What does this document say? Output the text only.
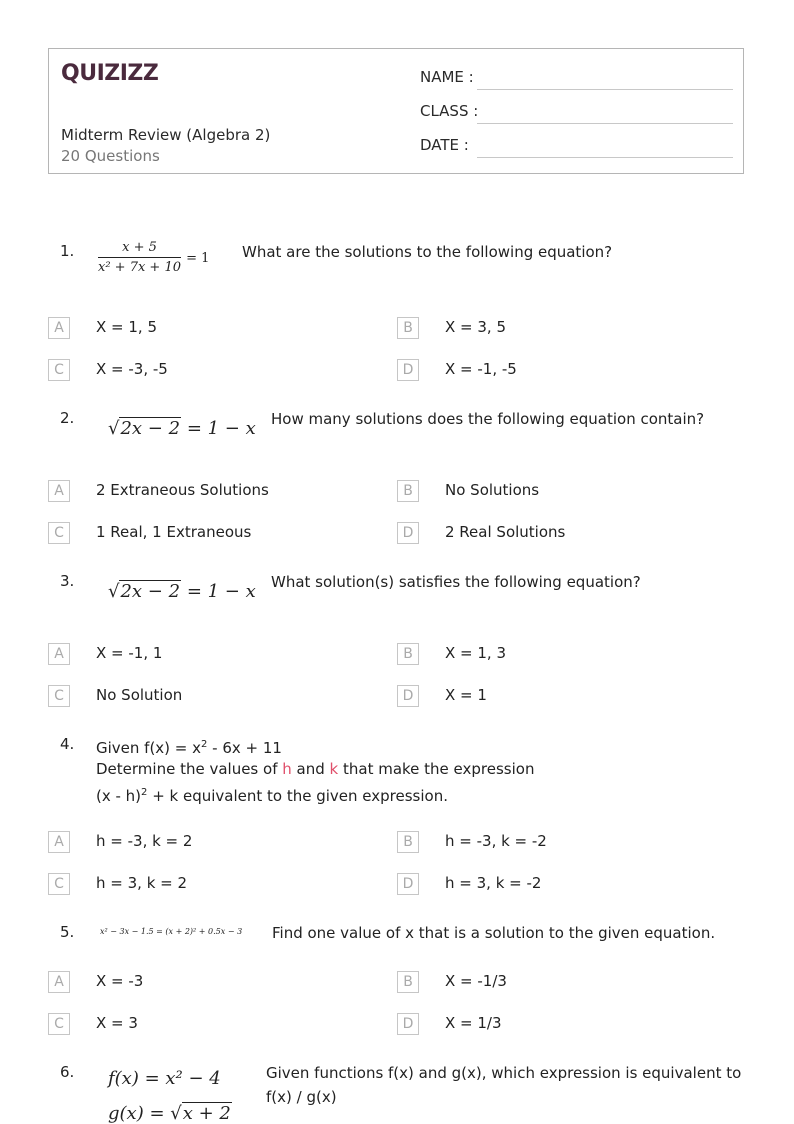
QUIZIZZ
Midterm Review (Algebra 2)
20 Questions
NAME :
CLASS :
DATE :
1. $\frac{x + 5}{\text{x² + 7x + 10}} = 1$ What are the solutions to the following equation?
A	X = 1, 5	B	X = 3, 5
C	X = -3, -5	D	X = -1, -5
2. √2x − 2 = 1 − x How many solutions does the following equation contain?
A	2 Extraneous Solutions	B	No Solutions
C	1 Real, 1 Extraneous	D	2 Real Solutions
3. √2x − 2 = 1 − x What solution(s) satisfies the following equation?
A	X = -1, 1	B	X = 1, 3
C	No Solution	D	X = 1
4. Given $f(x) = x^2 - 6x + 11$
Determine the values of h and k that make the expression
(x - h)$^2$ + k equivalent to the given expression.
A	h = -3, k = 2	B	h = -3, k = -2
C	h = 3, k = 2	D	h = 3, k = -2
5.	x² − 3x − 1.5 = (x + 2)² + 0.5x − 3 Find one value of x that is a solution to the given equation.
A	X = -3	B	X = -1/3
C	X = 3	D	X = 1/3
6. f(x) = x² − 4
g(x) = √x + 2
Given functions f(x) and g(x), which expression is equivalent to
f(x) / g(x)
